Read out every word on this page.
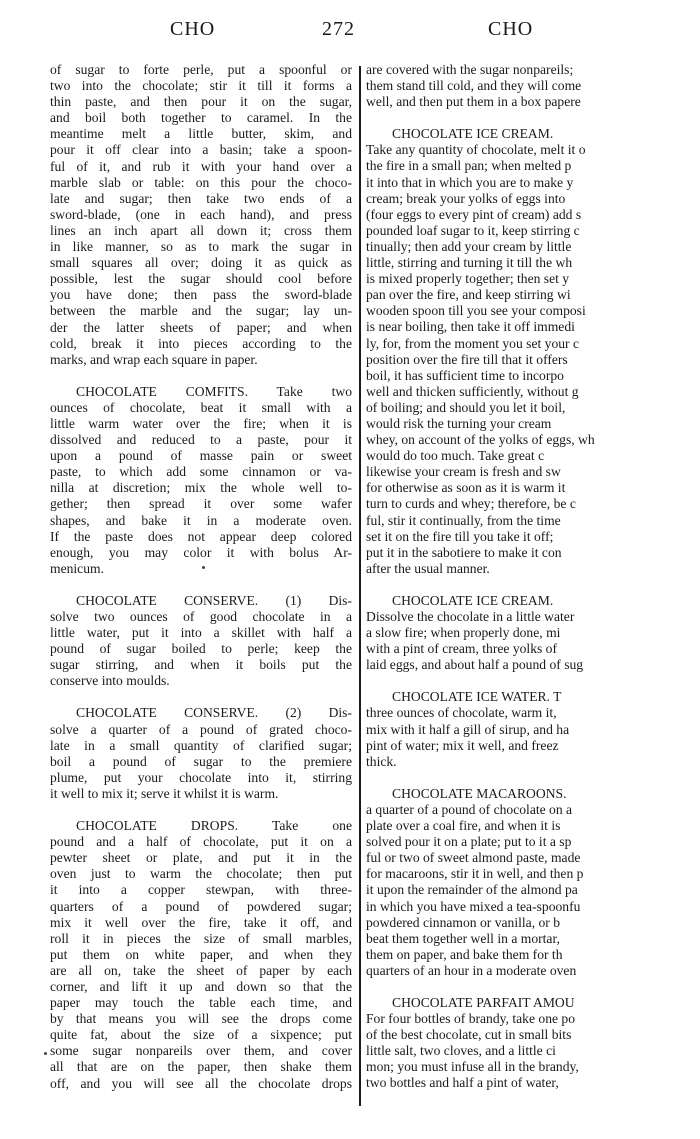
CHO	272	CHO

of sugar to forte perle, put a spoonful or

two into the chocolate; stir it till it forms a

thin paste, and then pour it on the sugar,

and boil both together to caramel. In the

meantime melt a little butter, skim, and

pour it off clear into a basin; take a spoon-

ful of it, and rub it with your hand over a

marble slab or table: on this pour the choco-

late and sugar; then take two ends of a

sword-blade, (one in each hand), and press

lines an inch apart all down it; cross them

in like manner, so as to mark the sugar in

small squares all over; doing it as quick as

possible, lest the sugar should cool before

you have done; then pass the sword-blade

between the marble and the sugar; lay un-

der the latter sheets of paper; and when

cold, break it into pieces according to the

marks, and wrap each square in paper.

CHOCOLATE COMFITS. Take two

ounces of chocolate, beat it small with a

little warm water over the fire; when it is

dissolved and reduced to a paste, pour it

upon a pound of masse pain or sweet

paste, to which add some cinnamon or va-

nilla at discretion; mix the whole well to-

gether; then spread it over some wafer

shapes, and bake it in a moderate oven.

If the paste does not appear deep colored

enough, you may color it with bolus Ar-

menicum.

CHOCOLATE CONSERVE. (1) Dis-

solve two ounces of good chocolate in a

little water, put it into a skillet with half a

pound of sugar boiled to perle; keep the

sugar stirring, and when it boils put the

conserve into moulds.

CHOCOLATE CONSERVE. (2) Dis-

solve a quarter of a pound of grated choco-

late in a small quantity of clarified sugar;

boil a pound of sugar to the premiere

plume, put your chocolate into it, stirring

it well to mix it; serve it whilst it is warm.

CHOCOLATE DROPS. Take one

pound and a half of chocolate, put it on a

pewter sheet or plate, and put it in the

oven just to warm the chocolate; then put

it into a copper stewpan, with three-

quarters of a pound of powdered sugar;

mix it well over the fire, take it off, and

roll it in pieces the size of small marbles,

put them on white paper, and when they

are all on, take the sheet of paper by each

corner, and lift it up and down so that the

paper may touch the table each time, and

by that means you will see the drops come

quite fat, about the size of a sixpence; put

some sugar nonpareils over them, and cover

all that are on the paper, then shake them

off, and you will see all the chocolate drops

are covered with the sugar nonpareils;

them stand till cold, and they will come

well, and then put them in a box papere

CHOCOLATE ICE CREAM.

Take any quantity of chocolate, melt it o

the fire in a small pan; when melted p

it into that in which you are to make y

cream; break your yolks of eggs into

(four eggs to every pint of cream) add s

pounded loaf sugar to it, keep stirring c

tinually; then add your cream by little

little, stirring and turning it till the wh

is mixed properly together; then set y

pan over the fire, and keep stirring wi

wooden spoon till you see your composi

is near boiling, then take it off immedi

ly, for, from the moment you set your c

position over the fire till that it offers

boil, it has sufficient time to incorpo

well and thicken sufficiently, without g

of boiling; and should you let it boil,

would risk the turning your cream

whey, on account of the yolks of eggs, wh

would do too much. Take great c

likewise your cream is fresh and sw

for otherwise as soon as it is warm it

turn to curds and whey; therefore, be c

ful, stir it continually, from the time

set it on the fire till you take it off;

put it in the sabotiere to make it con

after the usual manner.

CHOCOLATE ICE CREAM.

Dissolve the chocolate in a little water

a slow fire; when properly done, mi

with a pint of cream, three yolks of

laid eggs, and about half a pound of sug

CHOCOLATE ICE WATER. T

three ounces of chocolate, warm it,

mix with it half a gill of sirup, and ha

pint of water; mix it well, and freez

thick.

CHOCOLATE MACAROONS.

a quarter of a pound of chocolate on a

plate over a coal fire, and when it is

solved pour it on a plate; put to it a sp

ful or two of sweet almond paste, made

for macaroons, stir it in well, and then p

it upon the remainder of the almond pa

in which you have mixed a tea-spoonfu

powdered cinnamon or vanilla, or b

beat them together well in a mortar,

them on paper, and bake them for th

quarters of an hour in a moderate oven

CHOCOLATE PARFAIT AMOU

For four bottles of brandy, take one po

of the best chocolate, cut in small bits

little salt, two cloves, and a little ci

mon; you must infuse all in the brandy,

two bottles and half a pint of water,
